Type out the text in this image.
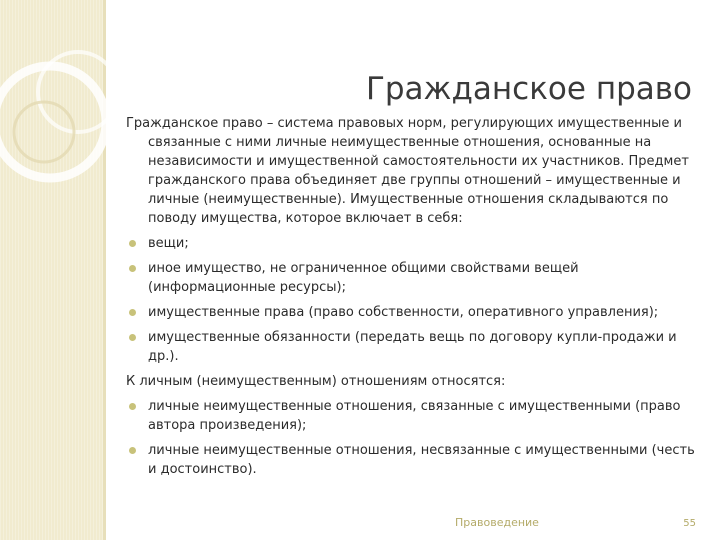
Гражданское право

Гражданское право – система правовых норм, регулирующих имущественные и связанные с ними личные неимущественные отношения, основанные на независимости и имущественной самостоятельности их участников. Предмет гражданского права объединяет две группы отношений – имущественные и личные (неимущественные). Имущественные отношения складываются по поводу имущества, которое включает в себя:

вещи;
иное имущество, не ограниченное общими свойствами вещей (информационные ресурсы);
имущественные права (право собственности, оперативного управления);
имущественные обязанности (передать вещь по договору купли-продажи и др.).

К личным (неимущественным) отношениям относятся:

личные неимущественные отношения, связанные с имущественными (право автора произведения);
личные неимущественные отношения, несвязанные с имущественными (честь и достоинство).
Правоведение	55
